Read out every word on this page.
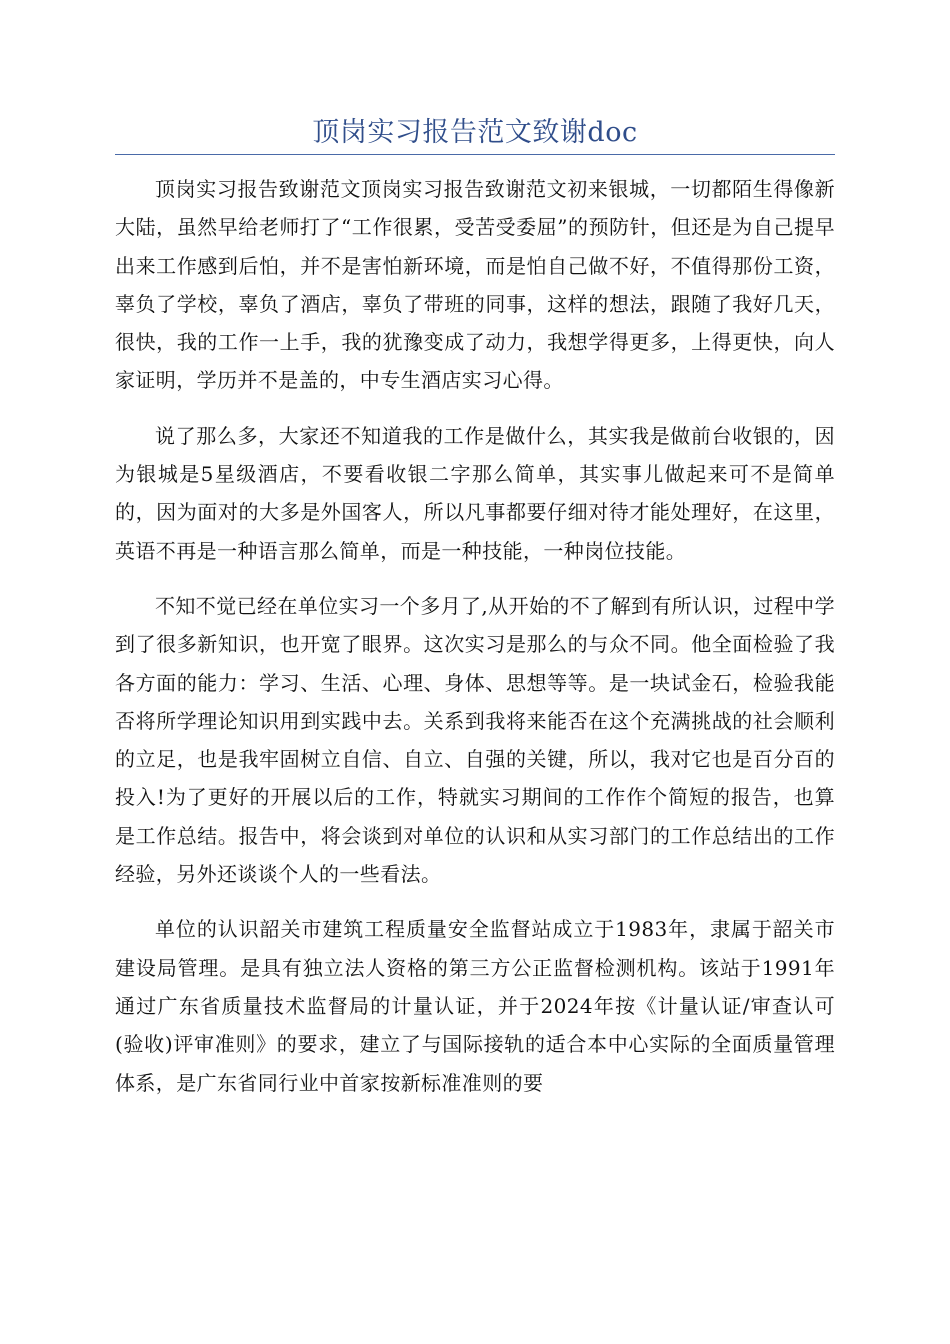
顶岗实习报告范文致谢doc

顶岗实习报告致谢范文顶岗实习报告致谢范文初来银城，一切都陌生得像新大陆，虽然早给老师打了“工作很累，受苦受委屈”的预防针，但还是为自己提早出来工作感到后怕，并不是害怕新环境，而是怕自己做不好，不值得那份工资，辜负了学校，辜负了酒店，辜负了带班的同事，这样的想法，跟随了我好几天，很快，我的工作一上手，我的犹豫变成了动力，我想学得更多，上得更快，向人家证明，学历并不是盖的，中专生酒店实习心得。

说了那么多，大家还不知道我的工作是做什么，其实我是做前台收银的，因为银城是5星级酒店，不要看收银二字那么简单，其实事儿做起来可不是简单的，因为面对的大多是外国客人，所以凡事都要仔细对待才能处理好，在这里，英语不再是一种语言那么简单，而是一种技能，一种岗位技能。

不知不觉已经在单位实习一个多月了,从开始的不了解到有所认识，过程中学到了很多新知识，也开宽了眼界。这次实习是那么的与众不同。他全面检验了我各方面的能力：学习、生活、心理、身体、思想等等。是一块试金石，检验我能否将所学理论知识用到实践中去。关系到我将来能否在这个充满挑战的社会顺利的立足，也是我牢固树立自信、自立、自强的关键，所以，我对它也是百分百的投入!为了更好的开展以后的工作，特就实习期间的工作作个简短的报告，也算是工作总结。报告中，将会谈到对单位的认识和从实习部门的工作总结出的工作经验，另外还谈谈个人的一些看法。

单位的认识韶关市建筑工程质量安全监督站成立于1983年，隶属于韶关市建设局管理。是具有独立法人资格的第三方公正监督检测机构。该站于1991年通过广东省质量技术监督局的计量认证，并于2024年按《计量认证/审查认可(验收)评审准则》的要求，建立了与国际接轨的适合本中心实际的全面质量管理体系，是广东省同行业中首家按新标准准则的要
